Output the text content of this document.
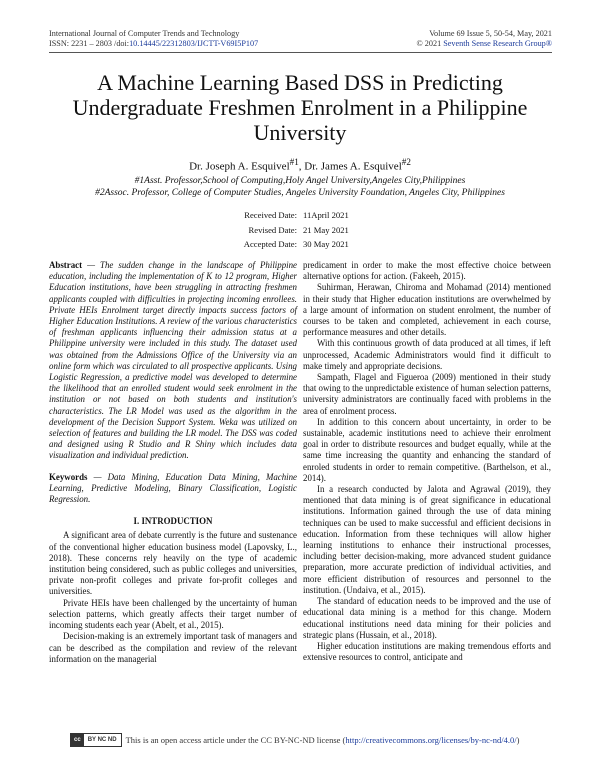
International Journal of Computer Trends and Technology
ISSN: 2231 – 2803 /doi:10.14445/22312803/IJCTT-V69I5P107
Volume 69 Issue 5, 50-54, May, 2021
© 2021 Seventh Sense Research Group®
A Machine Learning Based DSS in Predicting Undergraduate Freshmen Enrolment in a Philippine University
Dr. Joseph A. Esquivel$^{\#1}$, Dr. James A. Esquivel$^{\#2}$
#1Asst. Professor,School of Computing,Holy Angel University,Angeles City,Philippines
#2Assoc. Professor, College of Computer Studies, Angeles University Foundation, Angeles City, Philippines
Received Date: 11April 2021
Revised Date: 21 May 2021
Accepted Date: 30 May 2021

Abstract — The sudden change in the landscape of Philippine education, including the implementation of K to 12 program, Higher Education institutions, have been struggling in attracting freshmen applicants coupled with difficulties in projecting incoming enrollees. Private HEIs Enrolment target directly impacts success factors of Higher Education Institutions. A review of the various characteristics of freshman applicants influencing their admission status at a Philippine university were included in this study. The dataset used was obtained from the Admissions Office of the University via an online form which was circulated to all prospective applicants. Using Logistic Regression, a predictive model was developed to determine the likelihood that an enrolled student would seek enrolment in the institution or not based on both students and institution's characteristics. The LR Model was used as the algorithm in the development of the Decision Support System. Weka was utilized on selection of features and building the LR model. The DSS was coded and designed using R Studio and R Shiny which includes data visualization and individual prediction.

Keywords — Data Mining, Education Data Mining, Machine Learning, Predictive Modeling, Binary Classification, Logistic Regression.

I. INTRODUCTION

A significant area of debate currently is the future and sustenance of the conventional higher education business model (Lapovsky, L., 2018). These concerns rely heavily on the type of academic institution being considered, such as public colleges and universities, private non-profit colleges and private for-profit colleges and universities.

Private HEIs have been challenged by the uncertainty of human selection patterns, which greatly affects their target number of incoming students each year (Abelt, et al., 2015).

Decision-making is an extremely important task of managers and can be described as the compilation and review of the relevant information on the managerial

predicament in order to make the most effective choice between alternative options for action. (Fakeeh, 2015).

Suhirman, Herawan, Chiroma and Mohamad (2014) mentioned in their study that Higher education institutions are overwhelmed by a large amount of information on student enrolment, the number of courses to be taken and completed, achievement in each course, performance measures and other details.

With this continuous growth of data produced at all times, if left unprocessed, Academic Administrators would find it difficult to make timely and appropriate decisions.

Sampath, Flagel and Figueroa (2009) mentioned in their study that owing to the unpredictable existence of human selection patterns, university administrators are continually faced with problems in the area of enrolment process.

In addition to this concern about uncertainty, in order to be sustainable, academic institutions need to achieve their enrolment goal in order to distribute resources and budget equally, while at the same time increasing the quantity and enhancing the standard of enroled students in order to remain competitive. (Barthelson, et al., 2014).

In a research conducted by Jalota and Agrawal (2019), they mentioned that data mining is of great significance in educational institutions. Information gained through the use of data mining techniques can be used to make successful and efficient decisions in education. Information from these techniques will allow higher learning institutions to enhance their instructional processes, including better decision-making, more advanced student guidance preparation, more accurate prediction of individual activities, and more efficient distribution of resources and personnel to the institution. (Undaiva, et al., 2015).

The standard of education needs to be improved and the use of educational data mining is a method for this change. Modern educational institutions need data mining for their policies and strategic plans (Hussain, et al., 2018).

Higher education institutions are making tremendous efforts and extensive resources to control, anticipate and

cc	BY NC ND	This is an open access article under the CC BY-NC-ND license ( http://creativecommons.org/licenses/by-nc-nd/4.0/ )
